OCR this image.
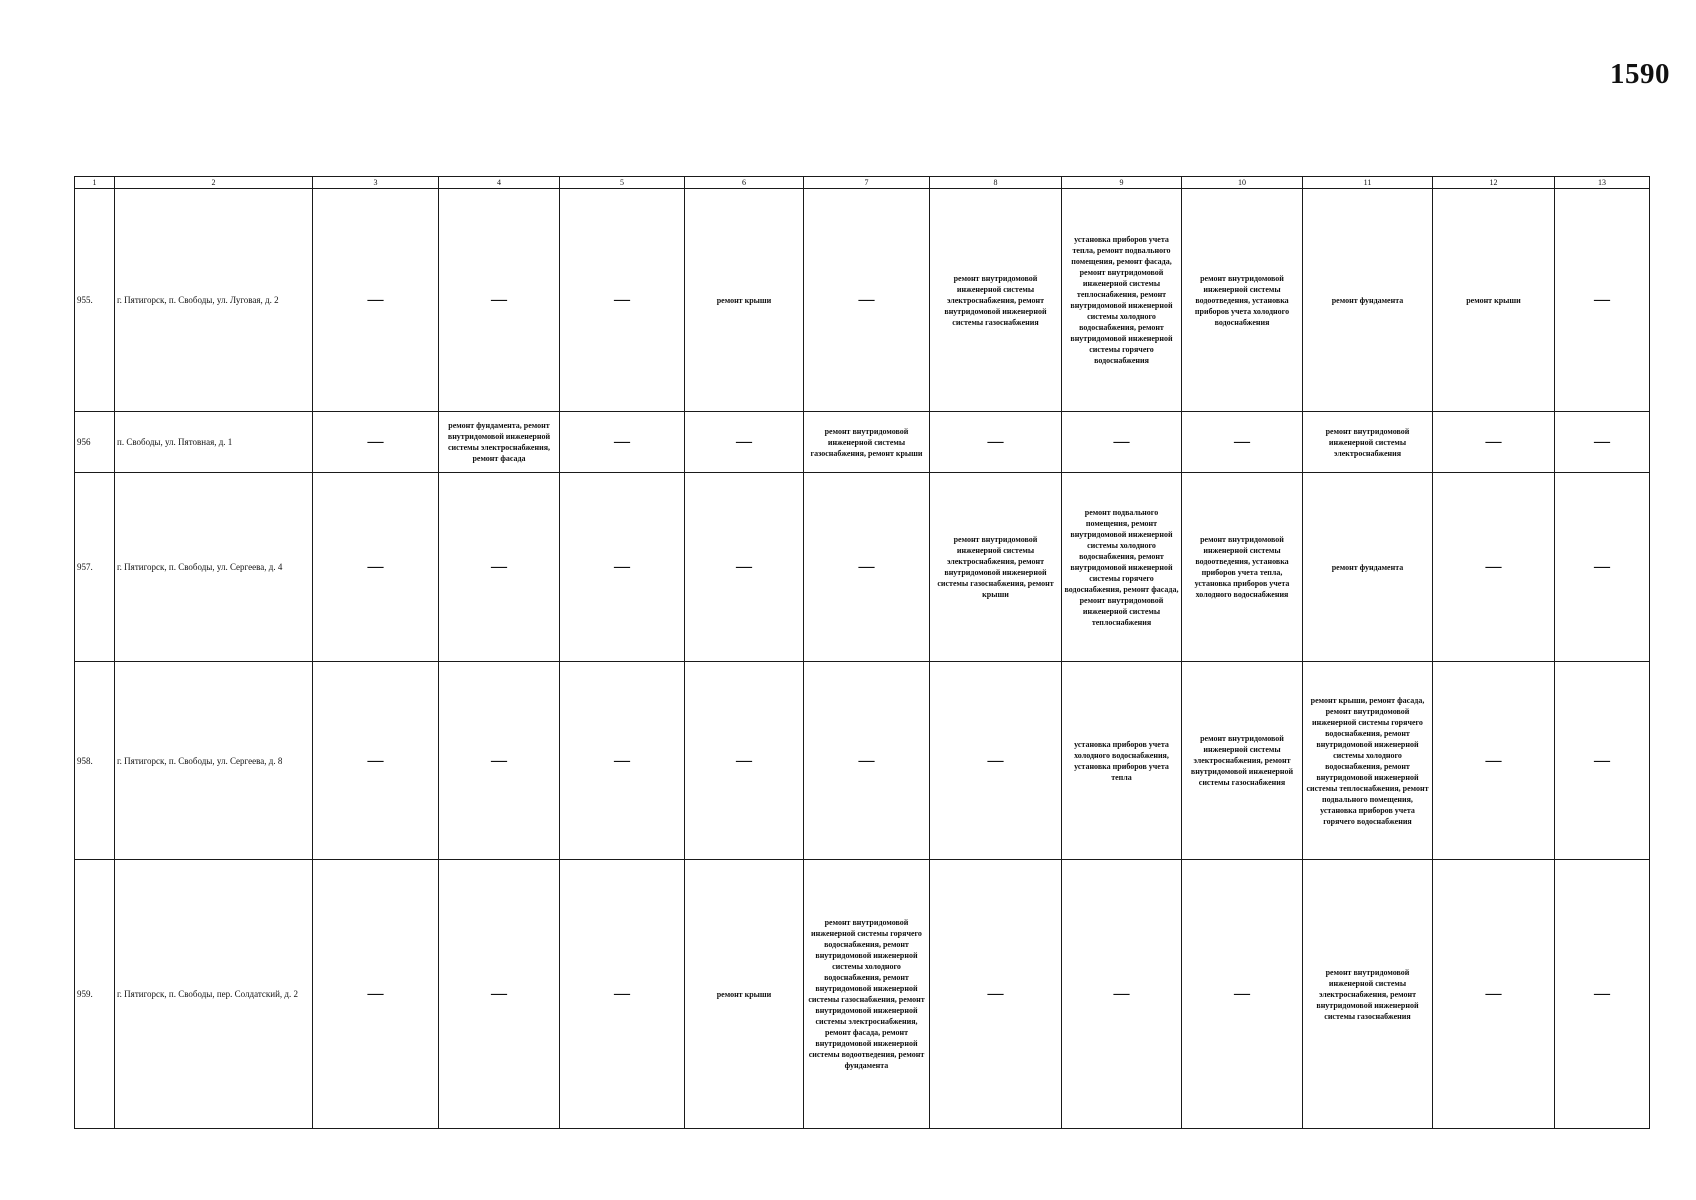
1590
1	2	3	4	5	6	7	8	9	10	11	12	13
955.	г. Пятигорск, п. Свободы, ул. Луговая, д. 2	—	—	—	ремонт крыши	—	ремонт внутридомовой инженерной системы электроснабжения, ремонт внутридомовой инженерной системы газоснабжения	установка приборов учета тепла, ремонт подвального помещения, ремонт фасада, ремонт внутридомовой инженерной системы теплоснабжения, ремонт внутридомовой инженерной системы холодного водоснабжения, ремонт внутридомовой инженерной системы горячего водоснабжения	ремонт внутридомовой инженерной системы водоотведения, установка приборов учета холодного водоснабжения	ремонт фундамента	ремонт крыши	—
956	п. Свободы, ул. Пятовная, д. 1	—	ремонт фундамента, ремонт внутридомовой инженерной системы электроснабжения, ремонт фасада	—	—	ремонт внутридомовой инженерной системы газоснабжения, ремонт крыши	—	—	—	ремонт внутридомовой инженерной системы электроснабжения	—	—
957.	г. Пятигорск, п. Свободы, ул. Сергеева, д. 4	—	—	—	—	—	ремонт внутридомовой инженерной системы электроснабжения, ремонт внутридомовой инженерной системы газоснабжения, ремонт крыши	ремонт подвального помещения, ремонт внутридомовой инженерной системы холодного водоснабжения, ремонт внутридомовой инженерной системы горячего водоснабжения, ремонт фасада, ремонт внутридомовой инженерной системы теплоснабжения	ремонт внутридомовой инженерной системы водоотведения, установка приборов учета тепла, установка приборов учета холодного водоснабжения	ремонт фундамента	—	—
958.	г. Пятигорск, п. Свободы, ул. Сергеева, д. 8	—	—	—	—	—	—	установка приборов учета холодного водоснабжения, установка приборов учета тепла	ремонт внутридомовой инженерной системы электроснабжения, ремонт внутридомовой инженерной системы газоснабжения	ремонт крыши, ремонт фасада, ремонт внутридомовой инженерной системы горячего водоснабжения, ремонт внутридомовой инженерной системы холодного водоснабжения, ремонт внутридомовой инженерной системы теплоснабжения, ремонт подвального помещения, установка приборов учета горячего водоснабжения	—	—
959.	г. Пятигорск, п. Свободы, пер. Солдатский, д. 2	—	—	—	ремонт крыши	ремонт внутридомовой инженерной системы горячего водоснабжения, ремонт внутридомовой инженерной системы холодного водоснабжения, ремонт внутридомовой инженерной системы газоснабжения, ремонт внутридомовой инженерной системы электроснабжения, ремонт фасада, ремонт внутридомовой инженерной системы водоотведения, ремонт фундамента	—	—	—	ремонт внутридомовой инженерной системы электроснабжения, ремонт внутридомовой инженерной системы газоснабжения	—	—
